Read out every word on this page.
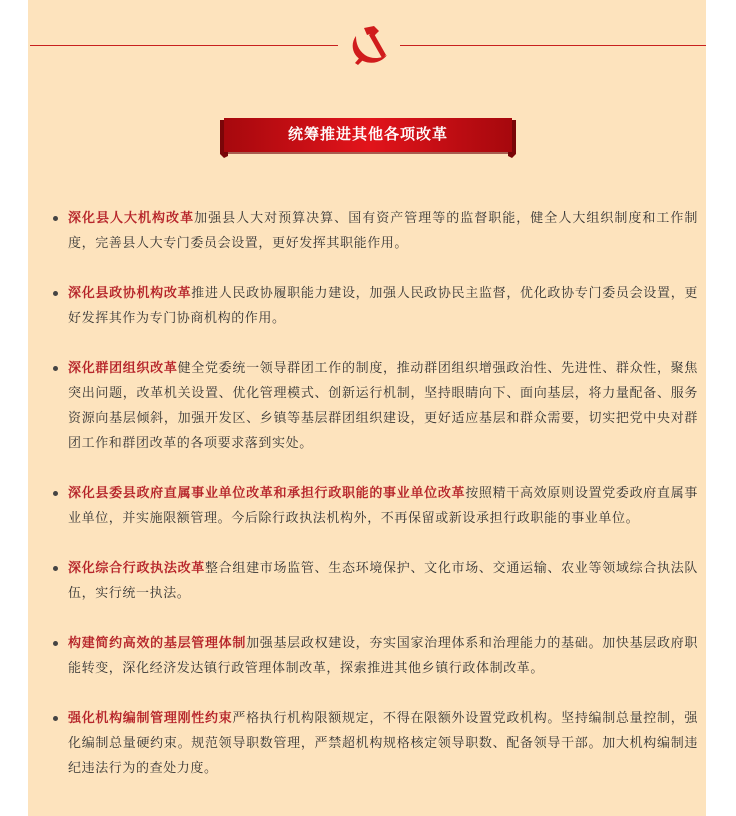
统筹推进其他各项改革
深化县人大机构改革加强县人大对预算决算、国有资产管理等的监督职能，健全人大组织制度和工作制度，完善县人大专门委员会设置，更好发挥其职能作用。
深化县政协机构改革推进人民政协履职能力建设，加强人民政协民主监督，优化政协专门委员会设置，更好发挥其作为专门协商机构的作用。
深化群团组织改革健全党委统一领导群团工作的制度，推动群团组织增强政治性、先进性、群众性，聚焦突出问题，改革机关设置、优化管理模式、创新运行机制，坚持眼睛向下、面向基层，将力量配备、服务资源向基层倾斜，加强开发区、乡镇等基层群团组织建设，更好适应基层和群众需要，切实把党中央对群团工作和群团改革的各项要求落到实处。
深化县委县政府直属事业单位改革和承担行政职能的事业单位改革按照精干高效原则设置党委政府直属事业单位，并实施限额管理。今后除行政执法机构外，不再保留或新设承担行政职能的事业单位。
深化综合行政执法改革整合组建市场监管、生态环境保护、文化市场、交通运输、农业等领域综合执法队伍，实行统一执法。
构建简约高效的基层管理体制加强基层政权建设，夯实国家治理体系和治理能力的基础。加快基层政府职能转变，深化经济发达镇行政管理体制改革，探索推进其他乡镇行政体制改革。
强化机构编制管理刚性约束严格执行机构限额规定，不得在限额外设置党政机构。坚持编制总量控制，强化编制总量硬约束。规范领导职数管理，严禁超机构规格核定领导职数、配备领导干部。加大机构编制违纪违法行为的查处力度。
